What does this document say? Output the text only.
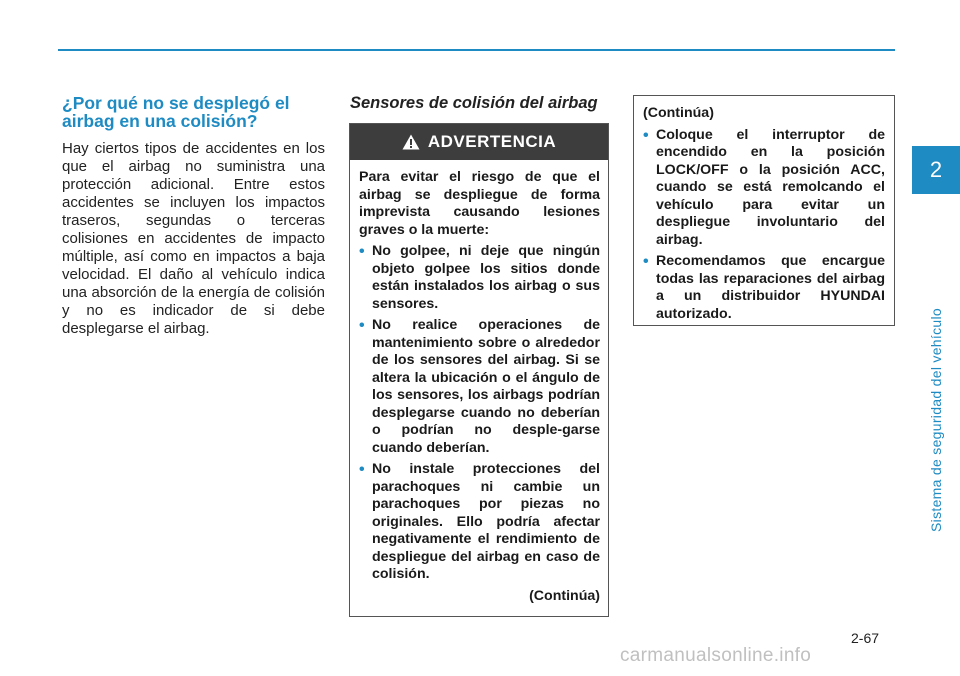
2
Sistema de seguridad del vehículo
¿Por qué no se desplegó el airbag en una colisión?

Hay ciertos tipos de accidentes en los que el airbag no suministra una protección adicional. Entre estos accidentes se incluyen los impactos traseros, segundas o terceras colisiones en accidentes de impacto múltiple, así como en impactos a baja velocidad. El daño al vehículo indica una absorción de la energía de colisión y no es indicador de si debe desplegarse el airbag.

Sensores de colisión del airbag
ADVERTENCIA

Para evitar el riesgo de que el airbag se despliegue de forma imprevista causando lesiones graves o la muerte:

• No golpee, ni deje que ningún objeto golpee los sitios donde están instalados los airbag o sus sensores.
• No realice operaciones de mantenimiento sobre o alrededor de los sensores del airbag. Si se altera la ubicación o el ángulo de los sensores, los airbags podrían desplegarse cuando no deberían o podrían no desple-garse cuando deberían.
• No instale protecciones del parachoques ni cambie un parachoques por piezas no originales. Ello podría afectar negativamente el rendimiento de despliegue del airbag en caso de colisión.

(Continúa)

(Continúa)

• Coloque el interruptor de encendido en la posición LOCK/OFF o la posición ACC, cuando se está remolcando el vehículo para evitar un despliegue involuntario del airbag.
• Recomendamos que encargue todas las reparaciones del airbag a un distribuidor HYUNDAI autorizado.
2-67
carmanualsonline.info
